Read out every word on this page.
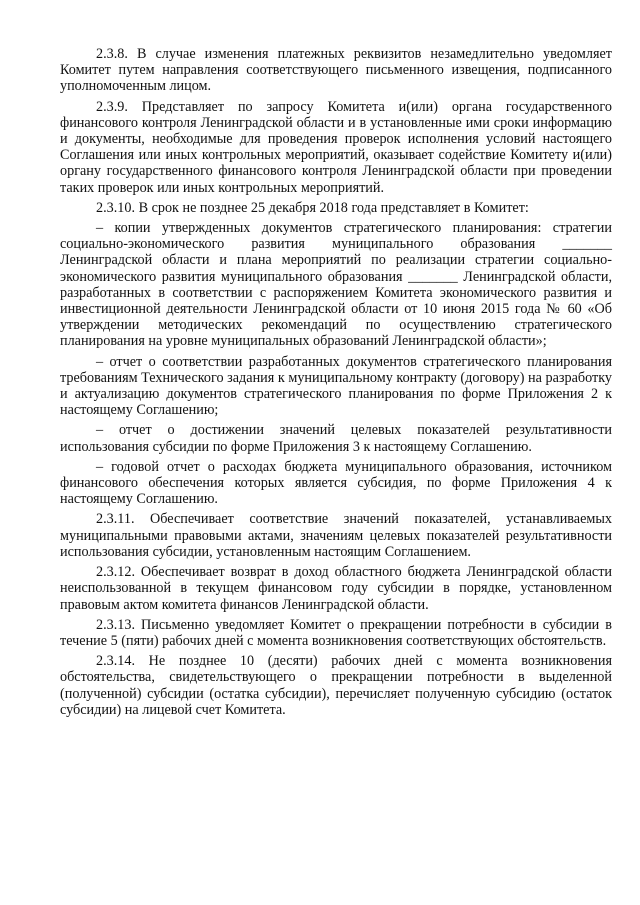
2.3.8. В случае изменения платежных реквизитов незамедлительно уведомляет Комитет путем направления соответствующего письменного извещения, подписанного уполномоченным лицом.

2.3.9. Представляет по запросу Комитета и(или) органа государственного финансового контроля Ленинградской области и в установленные ими сроки информацию и документы, необходимые для проведения проверок исполнения условий настоящего Соглашения или иных контрольных мероприятий, оказывает содействие Комитету и(или) органу государственного финансового контроля Ленинградской области при проведении таких проверок или иных контрольных мероприятий.

2.3.10. В срок не позднее 25 декабря 2018 года представляет в Комитет:

– копии утвержденных документов стратегического планирования: стратегии социально-экономического развития муниципального образования _______ Ленинградской области и плана мероприятий по реализации стратегии социально-экономического развития муниципального образования _______ Ленинградской области, разработанных в соответствии с распоряжением Комитета экономического развития и инвестиционной деятельности Ленинградской области от 10 июня 2015 года № 60 «Об утверждении методических рекомендаций по осуществлению стратегического планирования на уровне муниципальных образований Ленинградской области»;

– отчет о соответствии разработанных документов стратегического планирования требованиям Технического задания к муниципальному контракту (договору) на разработку и актуализацию документов стратегического планирования по форме Приложения 2 к настоящему Соглашению;

– отчет о достижении значений целевых показателей результативности использования субсидии по форме Приложения 3 к настоящему Соглашению.

– годовой отчет о расходах бюджета муниципального образования, источником финансового обеспечения которых является субсидия, по форме Приложения 4 к настоящему Соглашению.

2.3.11. Обеспечивает соответствие значений показателей, устанавливаемых муниципальными правовыми актами, значениям целевых показателей результативности использования субсидии, установленным настоящим Соглашением.

2.3.12. Обеспечивает возврат в доход областного бюджета Ленинградской области неиспользованной в текущем финансовом году субсидии в порядке, установленном правовым актом комитета финансов Ленинградской области.

2.3.13. Письменно уведомляет Комитет о прекращении потребности в субсидии в течение 5 (пяти) рабочих дней с момента возникновения соответствующих обстоятельств.

2.3.14. Не позднее 10 (десяти) рабочих дней с момента возникновения обстоятельства, свидетельствующего о прекращении потребности в выделенной (полученной) субсидии (остатка субсидии), перечисляет полученную субсидию (остаток субсидии) на лицевой счет Комитета.
